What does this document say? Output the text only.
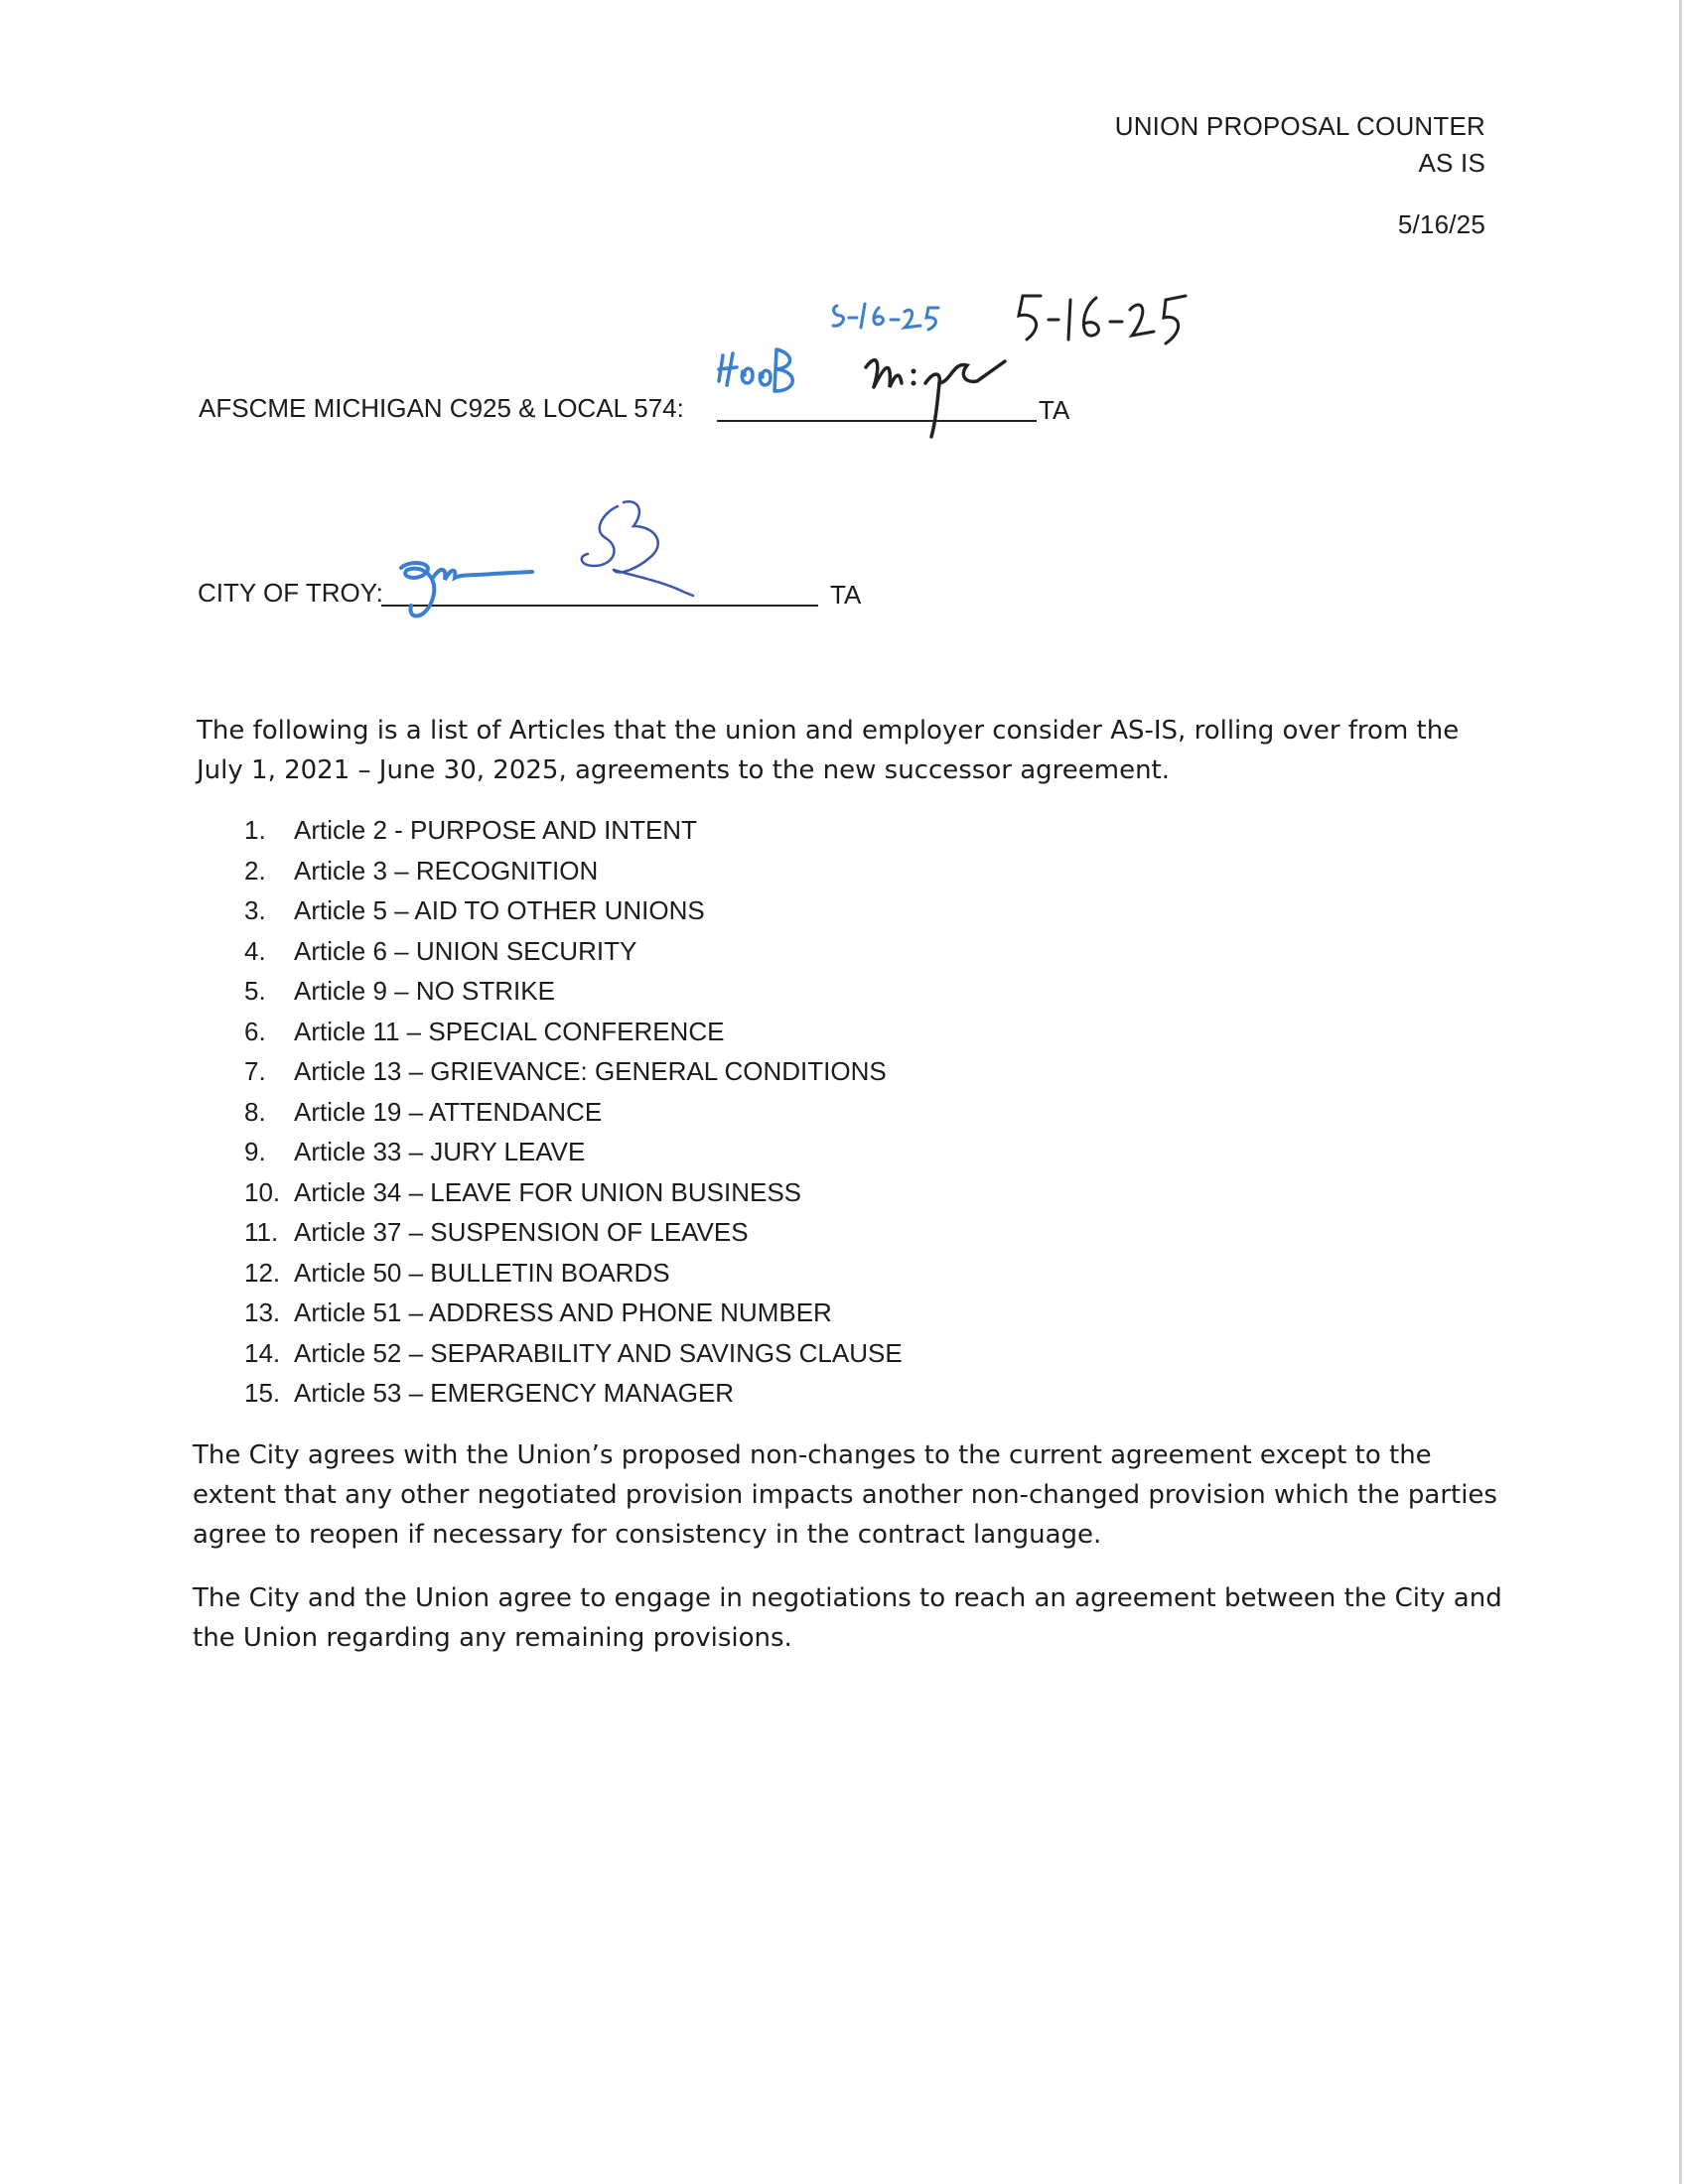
UNION PROPOSAL COUNTER
AS IS
5/16/25
AFSCME MICHIGAN C925 & LOCAL 574:	TA
CITY OF TROY:	TA
The following is a list of Articles that the union and employer consider AS-IS, rolling over from the July 1, 2021 – June 30, 2025, agreements to the new successor agreement.
1. Article 2 - PURPOSE AND INTENT
2. Article 3 – RECOGNITION
3. Article 5 – AID TO OTHER UNIONS
4. Article 6 – UNION SECURITY
5. Article 9 – NO STRIKE
6. Article 11 – SPECIAL CONFERENCE
7. Article 13 – GRIEVANCE: GENERAL CONDITIONS
8. Article 19 – ATTENDANCE
9. Article 33 – JURY LEAVE
10. Article 34 – LEAVE FOR UNION BUSINESS
11. Article 37 – SUSPENSION OF LEAVES
12. Article 50 – BULLETIN BOARDS
13. Article 51 – ADDRESS AND PHONE NUMBER
14. Article 52 – SEPARABILITY AND SAVINGS CLAUSE
15. Article 53 – EMERGENCY MANAGER
The City agrees with the Union’s proposed non-changes to the current agreement except to the extent that any other negotiated provision impacts another non-changed provision which the parties agree to reopen if necessary for consistency in the contract language.
The City and the Union agree to engage in negotiations to reach an agreement between the City and the Union regarding any remaining provisions.
